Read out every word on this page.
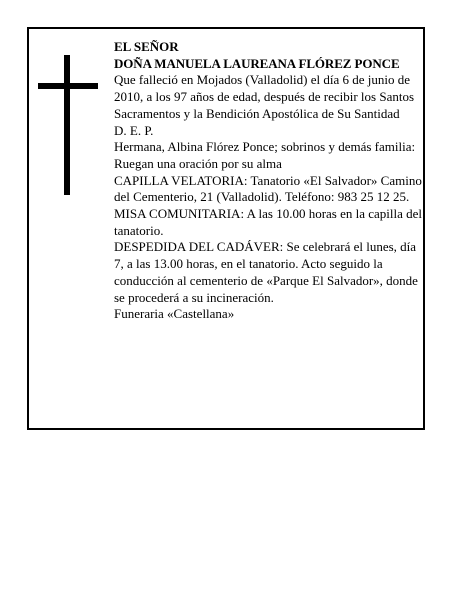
EL SEÑOR

DOÑA MANUELA LAUREANA FLÓREZ PONCE

Que falleció en Mojados (Valladolid) el día 6 de junio de 2010, a los 97 años de edad, después de recibir los Santos Sacramentos y la Bendición Apostólica de Su Santidad

D. E. P.

Hermana, Albina Flórez Ponce; sobrinos y demás familia:

Ruegan una oración por su alma

CAPILLA VELATORIA: Tanatorio «El Salvador» Camino del Cementerio, 21 (Valladolid). Teléfono: 983 25 12 25.

MISA COMUNITARIA: A las 10.00 horas en la capilla del tanatorio.

DESPEDIDA DEL CADÁVER: Se celebrará el lunes, día 7, a las 13.00 horas, en el tanatorio. Acto seguido la conducción al cementerio de «Parque El Salvador», donde se procederá a su incineración.

Funeraria «Castellana»
